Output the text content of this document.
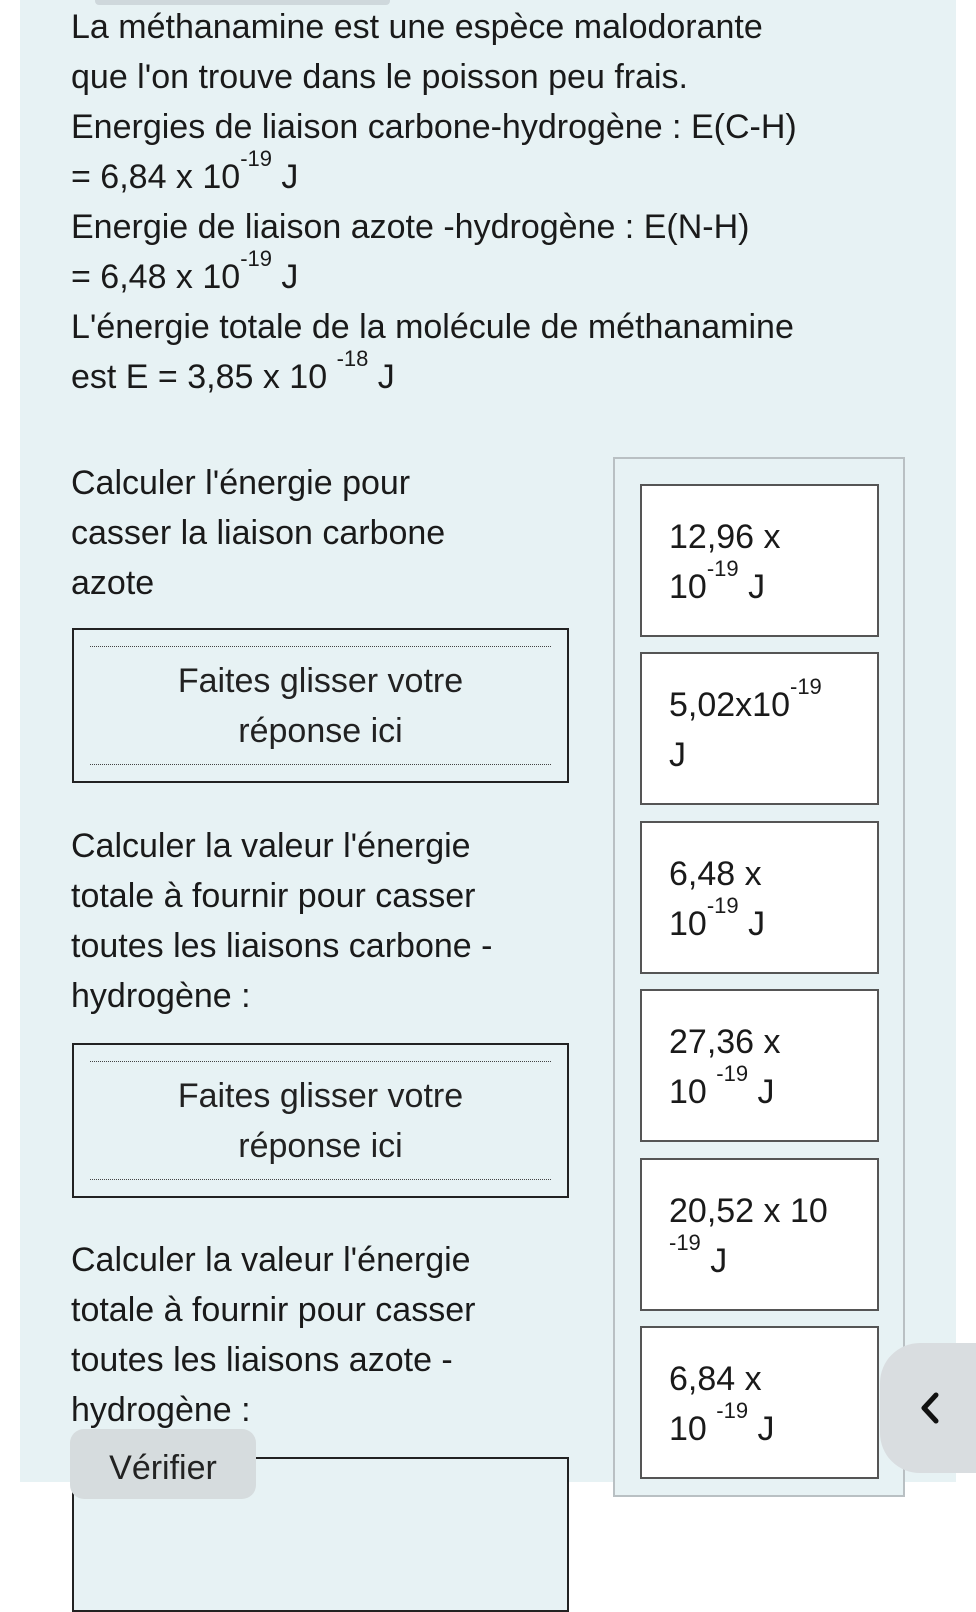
La méthanamine est une espèce malodorante
que l'on trouve dans le poisson peu frais.
Energies de liaison carbone-hydrogène : E(C-H)
= 6,84 x $10^{-19}$ J
Energie de liaison azote -hydrogène : E(N-H)
= 6,48 x $10^{-19}$ J
L'énergie totale de la molécule de méthanamine
est E = 3,85 x 10 $^{-18}$ J
Calculer l'énergie pour
casser la liaison carbone
azote
Faites glisser votre
réponse ici
Calculer la valeur l'énergie
totale à fournir pour casser
toutes les liaisons carbone -
hydrogène :
Faites glisser votre
réponse ici
Calculer la valeur l'énergie
totale à fournir pour casser
toutes les liaisons azote -
hydrogène :
12,96 x
$10^{-19}$ J
$5,02x10^{-19}$
J
6,48 x
$10^{-19}$ J
27,36 x
10 $^{-19}$ J
20,52 x 10
$^{-19}$ J
6,84 x
10 $^{-19}$ J
Vérifier
